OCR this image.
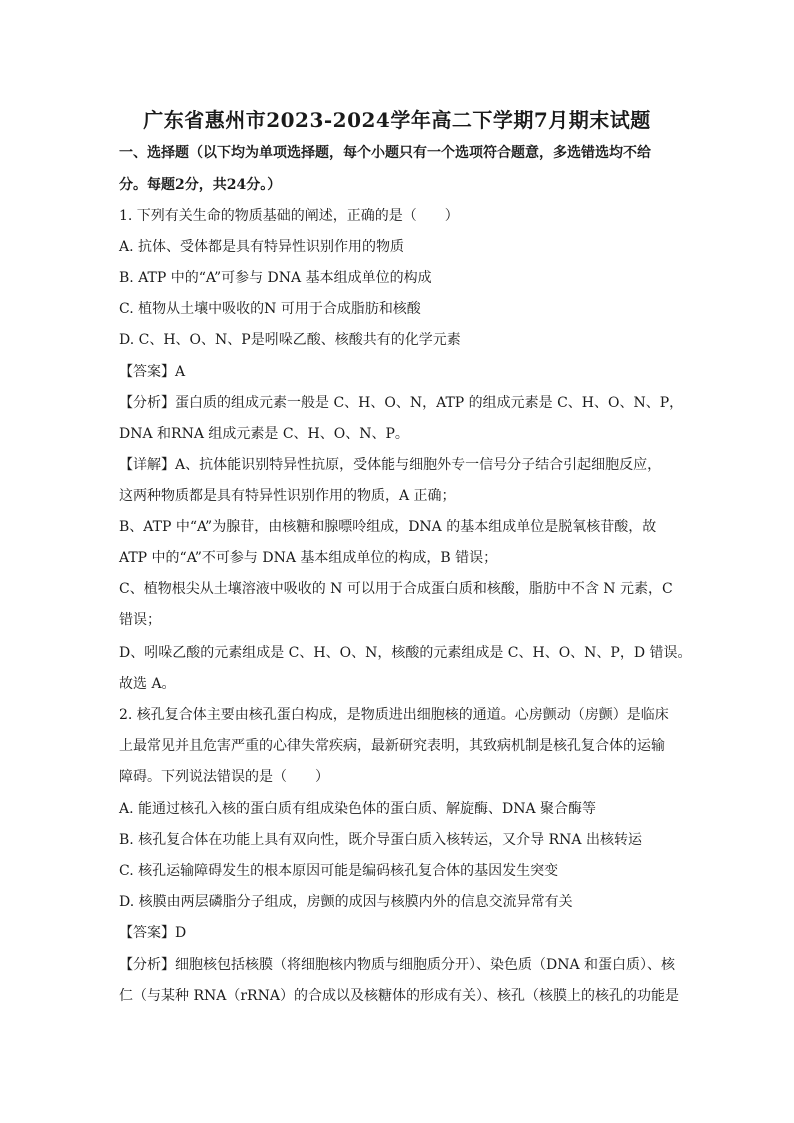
广东省惠州市2023-2024学年高二下学期7月期末试题
一、选择题（以下均为单项选择题，每个小题只有一个选项符合题意，多选错选均不给
分。每题2分，共24分。）
1. 下列有关生命的物质基础的阐述，正确的是（　　）
A. 抗体、受体都是具有特异性识别作用的物质
B. ATP 中的“A”可参与 DNA 基本组成单位的构成
C. 植物从土壤中吸收的N 可用于合成脂肪和核酸
D. C、H、O、N、P是吲哚乙酸、核酸共有的化学元素
【答案】A
【分析】蛋白质的组成元素一般是 C、H、O、N，ATP 的组成元素是 C、H、O、N、P，
DNA 和RNA 组成元素是 C、H、O、N、P。
【详解】A、抗体能识别特异性抗原，受体能与细胞外专一信号分子结合引起细胞反应，
这两种物质都是具有特异性识别作用的物质，A 正确；
B、ATP 中“A”为腺苷，由核糖和腺嘌呤组成，DNA 的基本组成单位是脱氧核苷酸，故
ATP 中的“A”不可参与 DNA 基本组成单位的构成，B 错误；
C、植物根尖从土壤溶液中吸收的 N 可以用于合成蛋白质和核酸，脂肪中不含 N 元素，C
错误；
D、吲哚乙酸的元素组成是 C、H、O、N，核酸的元素组成是 C、H、O、N、P，D 错误。
故选 A。
2. 核孔复合体主要由核孔蛋白构成，是物质进出细胞核的通道。心房颤动（房颤）是临床
上最常见并且危害严重的心律失常疾病，最新研究表明，其致病机制是核孔复合体的运输
障碍。下列说法错误的是（　　）
A. 能通过核孔入核的蛋白质有组成染色体的蛋白质、解旋酶、DNA 聚合酶等
B. 核孔复合体在功能上具有双向性，既介导蛋白质入核转运，又介导 RNA 出核转运
C. 核孔运输障碍发生的根本原因可能是编码核孔复合体的基因发生突变
D. 核膜由两层磷脂分子组成，房颤的成因与核膜内外的信息交流异常有关
【答案】D
【分析】细胞核包括核膜（将细胞核内物质与细胞质分开）、染色质（DNA 和蛋白质）、核
仁（与某种 RNA（rRNA）的合成以及核糖体的形成有关）、核孔（核膜上的核孔的功能是
